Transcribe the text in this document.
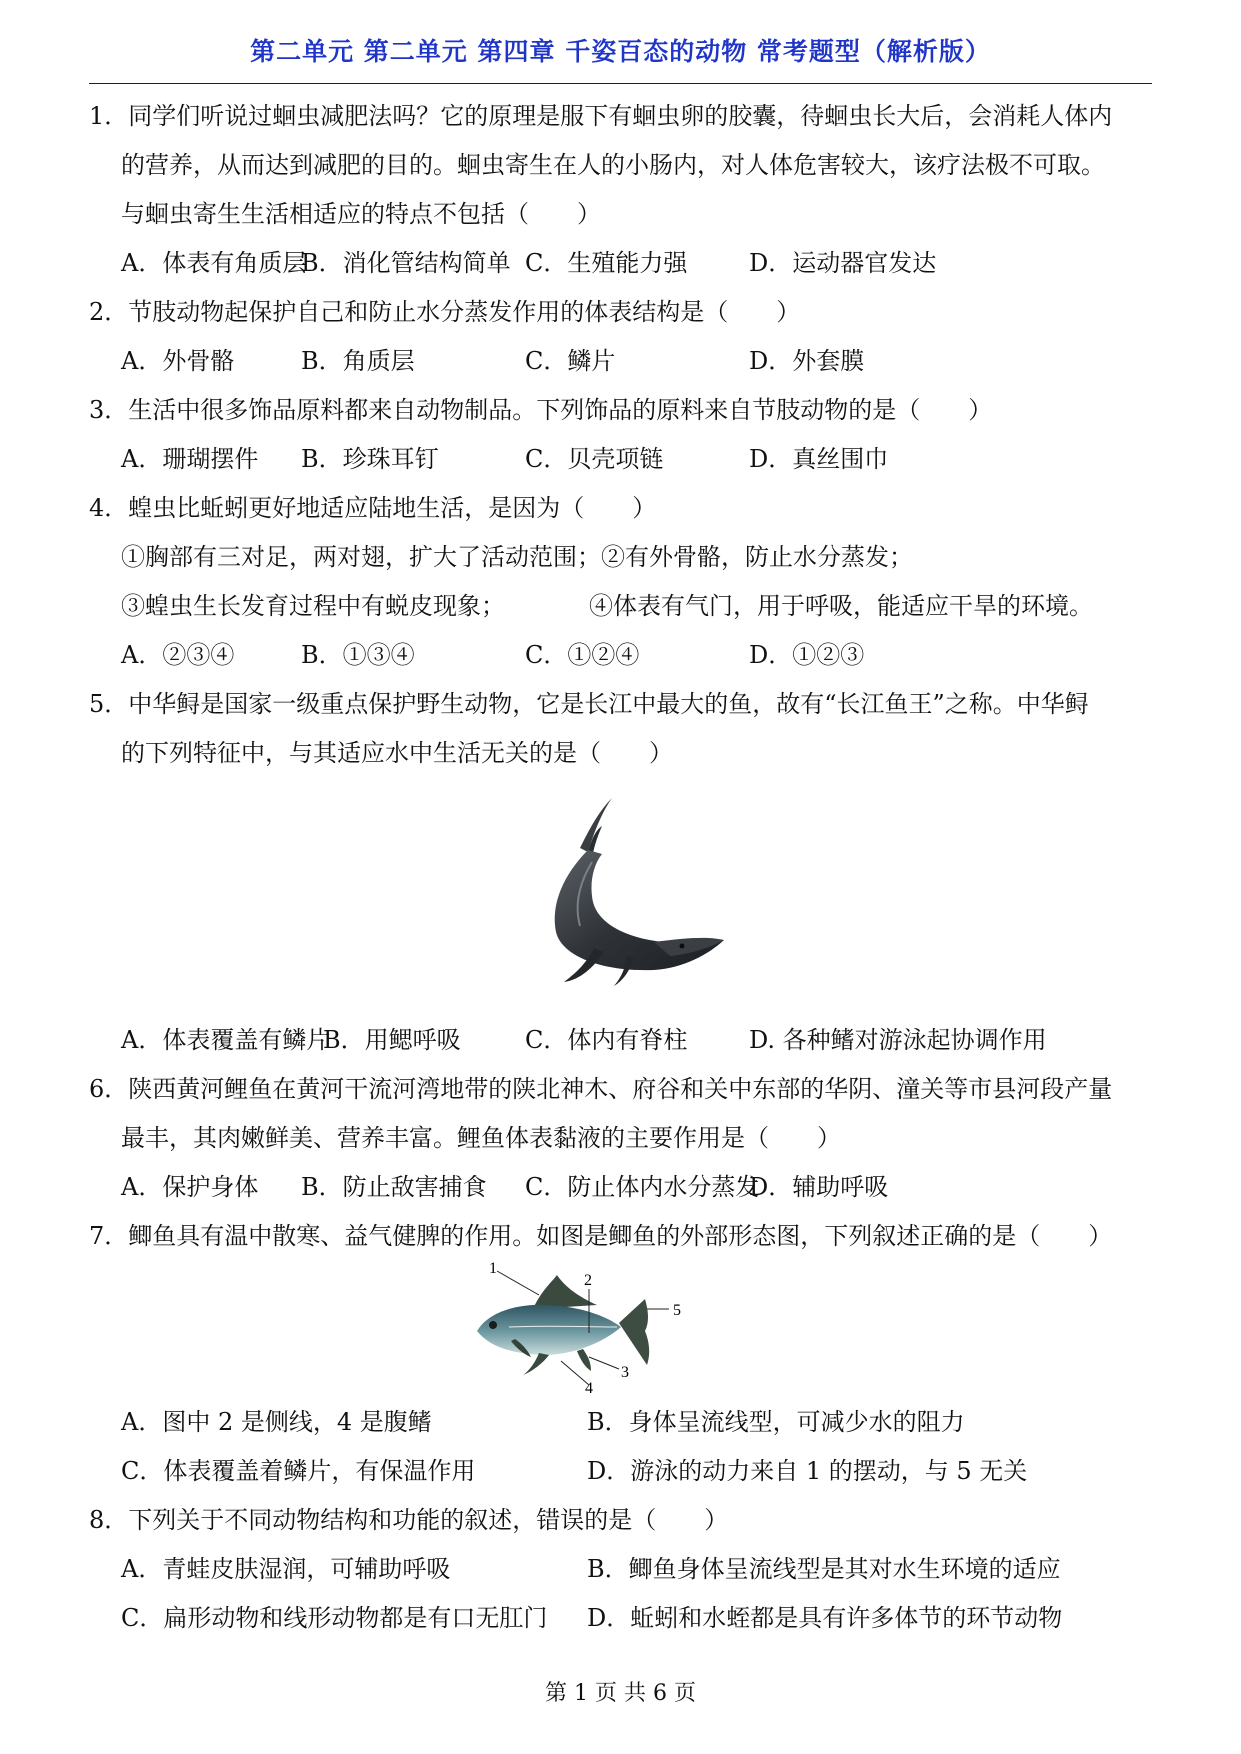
第二单元 第二单元 第四章 千姿百态的动物 常考题型（解析版）
1．同学们听说过蛔虫减肥法吗？它的原理是服下有蛔虫卵的胶囊，待蛔虫长大后，会消耗人体内
的营养，从而达到减肥的目的。蛔虫寄生在人的小肠内，对人体危害较大，该疗法极不可取。
与蛔虫寄生生活相适应的特点不包括（　　）
A．体表有角质层
B．消化管结构简单 C．生殖能力强	D．运动器官发达
2．节肢动物起保护自己和防止水分蒸发作用的体表结构是（　　）
A．外骨骼	B．角质层	C．鳞片	D．外套膜
3．生活中很多饰品原料都来自动物制品。下列饰品的原料来自节肢动物的是（　　）
A．珊瑚摆件 B．珍珠耳钉	C．贝壳项链	D．真丝围巾
4．蝗虫比蚯蚓更好地适应陆地生活，是因为（　　）
①胸部有三对足，两对翅，扩大了活动范围；②有外骨骼，防止水分蒸发；
③蝗虫生长发育过程中有蜕皮现象；　　　　④体表有气门，用于呼吸，能适应干旱的环境。
A．②③④	B．①③④	C．①②④	D．①②③
5．中华鲟是国家一级重点保护野生动物，它是长江中最大的鱼，故有“长江鱼王”之称。中华鲟
的下列特征中，与其适应水中生活无关的是（　　）
A．体表覆盖有鳞片
B．用鳃呼吸	C．体内有脊柱	D. 各种鳍对游泳起协调作用
6．陕西黄河鲤鱼在黄河干流河湾地带的陕北神木、府谷和关中东部的华阴、潼关等市县河段产量
最丰，其肉嫩鲜美、营养丰富。鲤鱼体表黏液的主要作用是（　　）
A．保护身体 B．防止敌害捕食 C．防止体内水分蒸发
D．辅助呼吸
7．鲫鱼具有温中散寒、益气健脾的作用。如图是鲫鱼的外部形态图，下列叙述正确的是（　　）
1
2
3
4
5
A．图中 2 是侧线，4 是腹鳍	B．身体呈流线型，可减少水的阻力
C．体表覆盖着鳞片，有保温作用	D．游泳的动力来自 1 的摆动，与 5 无关
8．下列关于不同动物结构和功能的叙述，错误的是（　　）
A．青蛙皮肤湿润，可辅助呼吸	B．鲫鱼身体呈流线型是其对水生环境的适应
C．扁形动物和线形动物都是有口无肛门 D．蚯蚓和水蛭都是具有许多体节的环节动物
第 1 页 共 6 页
